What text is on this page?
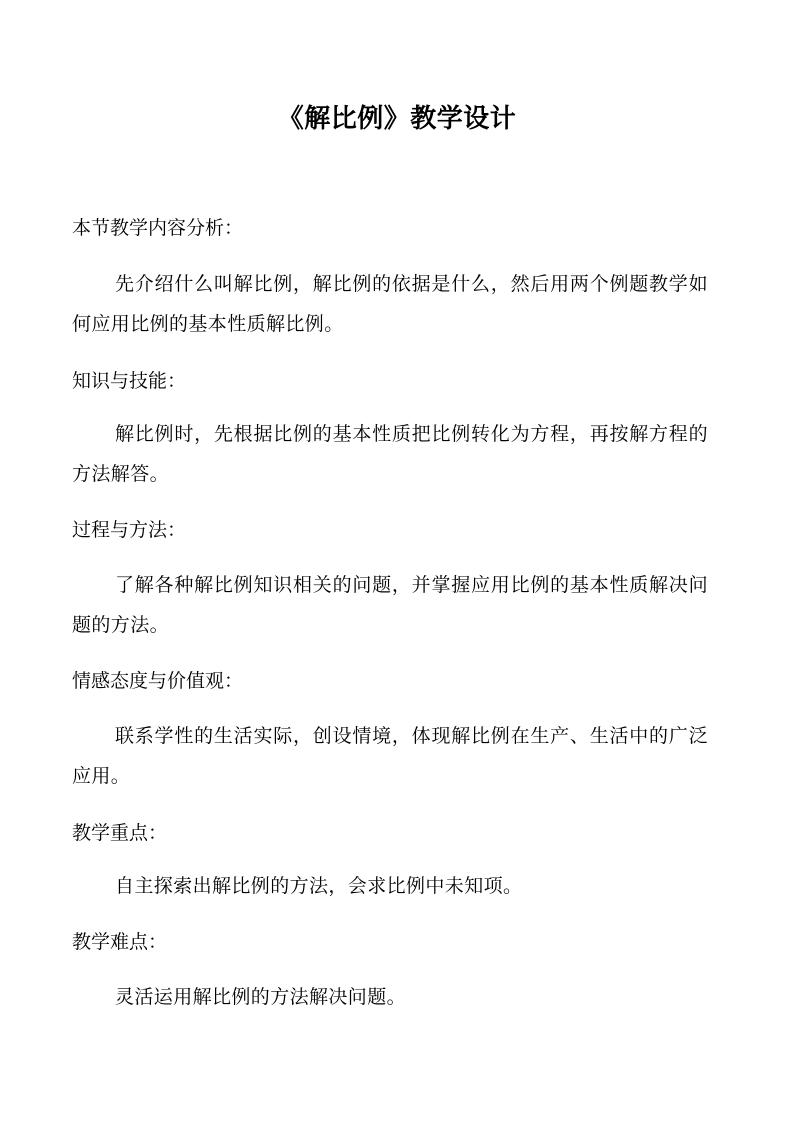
《解比例》教学设计
本节教学内容分析：
先介绍什么叫解比例，解比例的依据是什么，然后用两个例题教学如何应用比例的基本性质解比例。
知识与技能：
解比例时，先根据比例的基本性质把比例转化为方程，再按解方程的方法解答。
过程与方法：
了解各种解比例知识相关的问题，并掌握应用比例的基本性质解决问题的方法。
情感态度与价值观：
联系学性的生活实际，创设情境，体现解比例在生产、生活中的广泛应用。
教学重点：
自主探索出解比例的方法，会求比例中未知项。
教学难点：
灵活运用解比例的方法解决问题。
